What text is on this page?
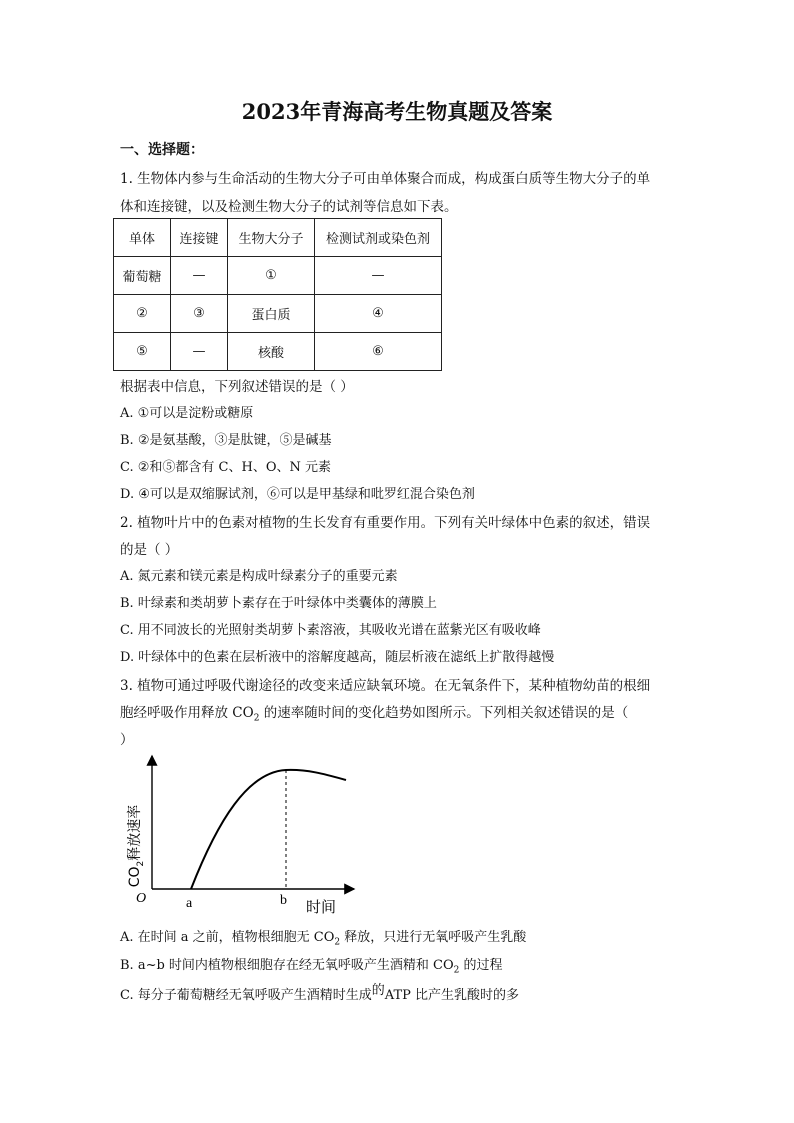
2023年青海高考生物真题及答案
一、选择题：
1. 生物体内参与生命活动的生物大分子可由单体聚合而成，构成蛋白质等生物大分子的单
体和连接键，以及检测生物大分子的试剂等信息如下表。
单体	连接键	生物大分子	检测试剂或染色剂
葡萄糖	—	①	—
②	③	蛋白质	④
⑤	—	核酸	⑥
根据表中信息，下列叙述错误的是（ ）
A. ①可以是淀粉或糖原
B. ②是氨基酸，③是肽键，⑤是碱基
C. ②和⑤都含有 C、H、O、N 元素
D. ④可以是双缩脲试剂，⑥可以是甲基绿和吡罗红混合染色剂
2. 植物叶片中的色素对植物的生长发育有重要作用。下列有关叶绿体中色素的叙述，错误
的是（ ）
A. 氮元素和镁元素是构成叶绿素分子的重要元素
B. 叶绿素和类胡萝卜素存在于叶绿体中类囊体的薄膜上
C. 用不同波长的光照射类胡萝卜素溶液，其吸收光谱在蓝紫光区有吸收峰
D. 叶绿体中的色素在层析液中的溶解度越高，随层析液在滤纸上扩散得越慢
3. 植物可通过呼吸代谢途径的改变来适应缺氧环境。在无氧条件下，某种植物幼苗的根细
胞经呼吸作用释放 $CO_2$ 的速率随时间的变化趋势如图所示。下列相关叙述错误的是（
）
O	a	b 时间
$CO_2$释放速率
A. 在时间 a 之前，植物根细胞无 $CO_2$ 释放，只进行无氧呼吸产生乳酸
B. a~b 时间内植物根细胞存在经无氧呼吸产生酒精和 $CO_2$ 的过程
C. 每分子葡萄糖经无氧呼吸产生酒精时生成的ATP 比产生乳酸时的多
